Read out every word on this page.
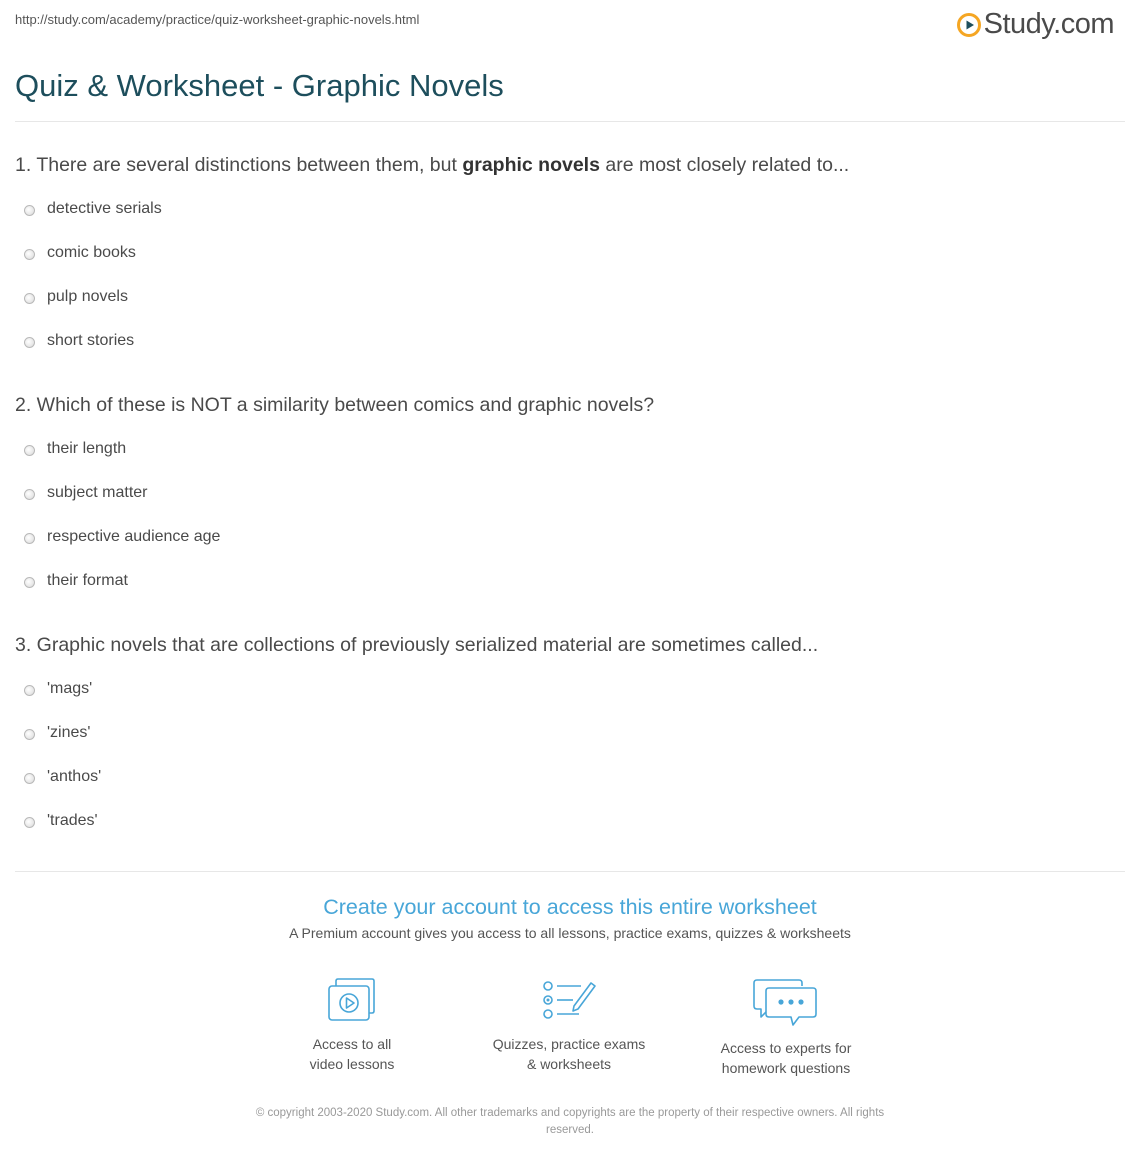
http://study.com/academy/practice/quiz-worksheet-graphic-novels.html	Study.com
Quiz & Worksheet - Graphic Novels

1. There are several distinctions between them, but graphic novels are most closely related to...

detective serials
comic books
pulp novels
short stories

2. Which of these is NOT a similarity between comics and graphic novels?

their length
subject matter
respective audience age
their format

3. Graphic novels that are collections of previously serialized material are sometimes called...

'mags'
'zines'
'anthos'
'trades'
Create your account to access this entire worksheet

A Premium account gives you access to all lessons, practice exams, quizzes & worksheets

Access to all
video lessons
Quizzes, practice exams
& worksheets
Access to experts for
homework questions
© copyright 2003-2020 Study.com. All other trademarks and copyrights are the property of their respective owners. All rights
reserved.
